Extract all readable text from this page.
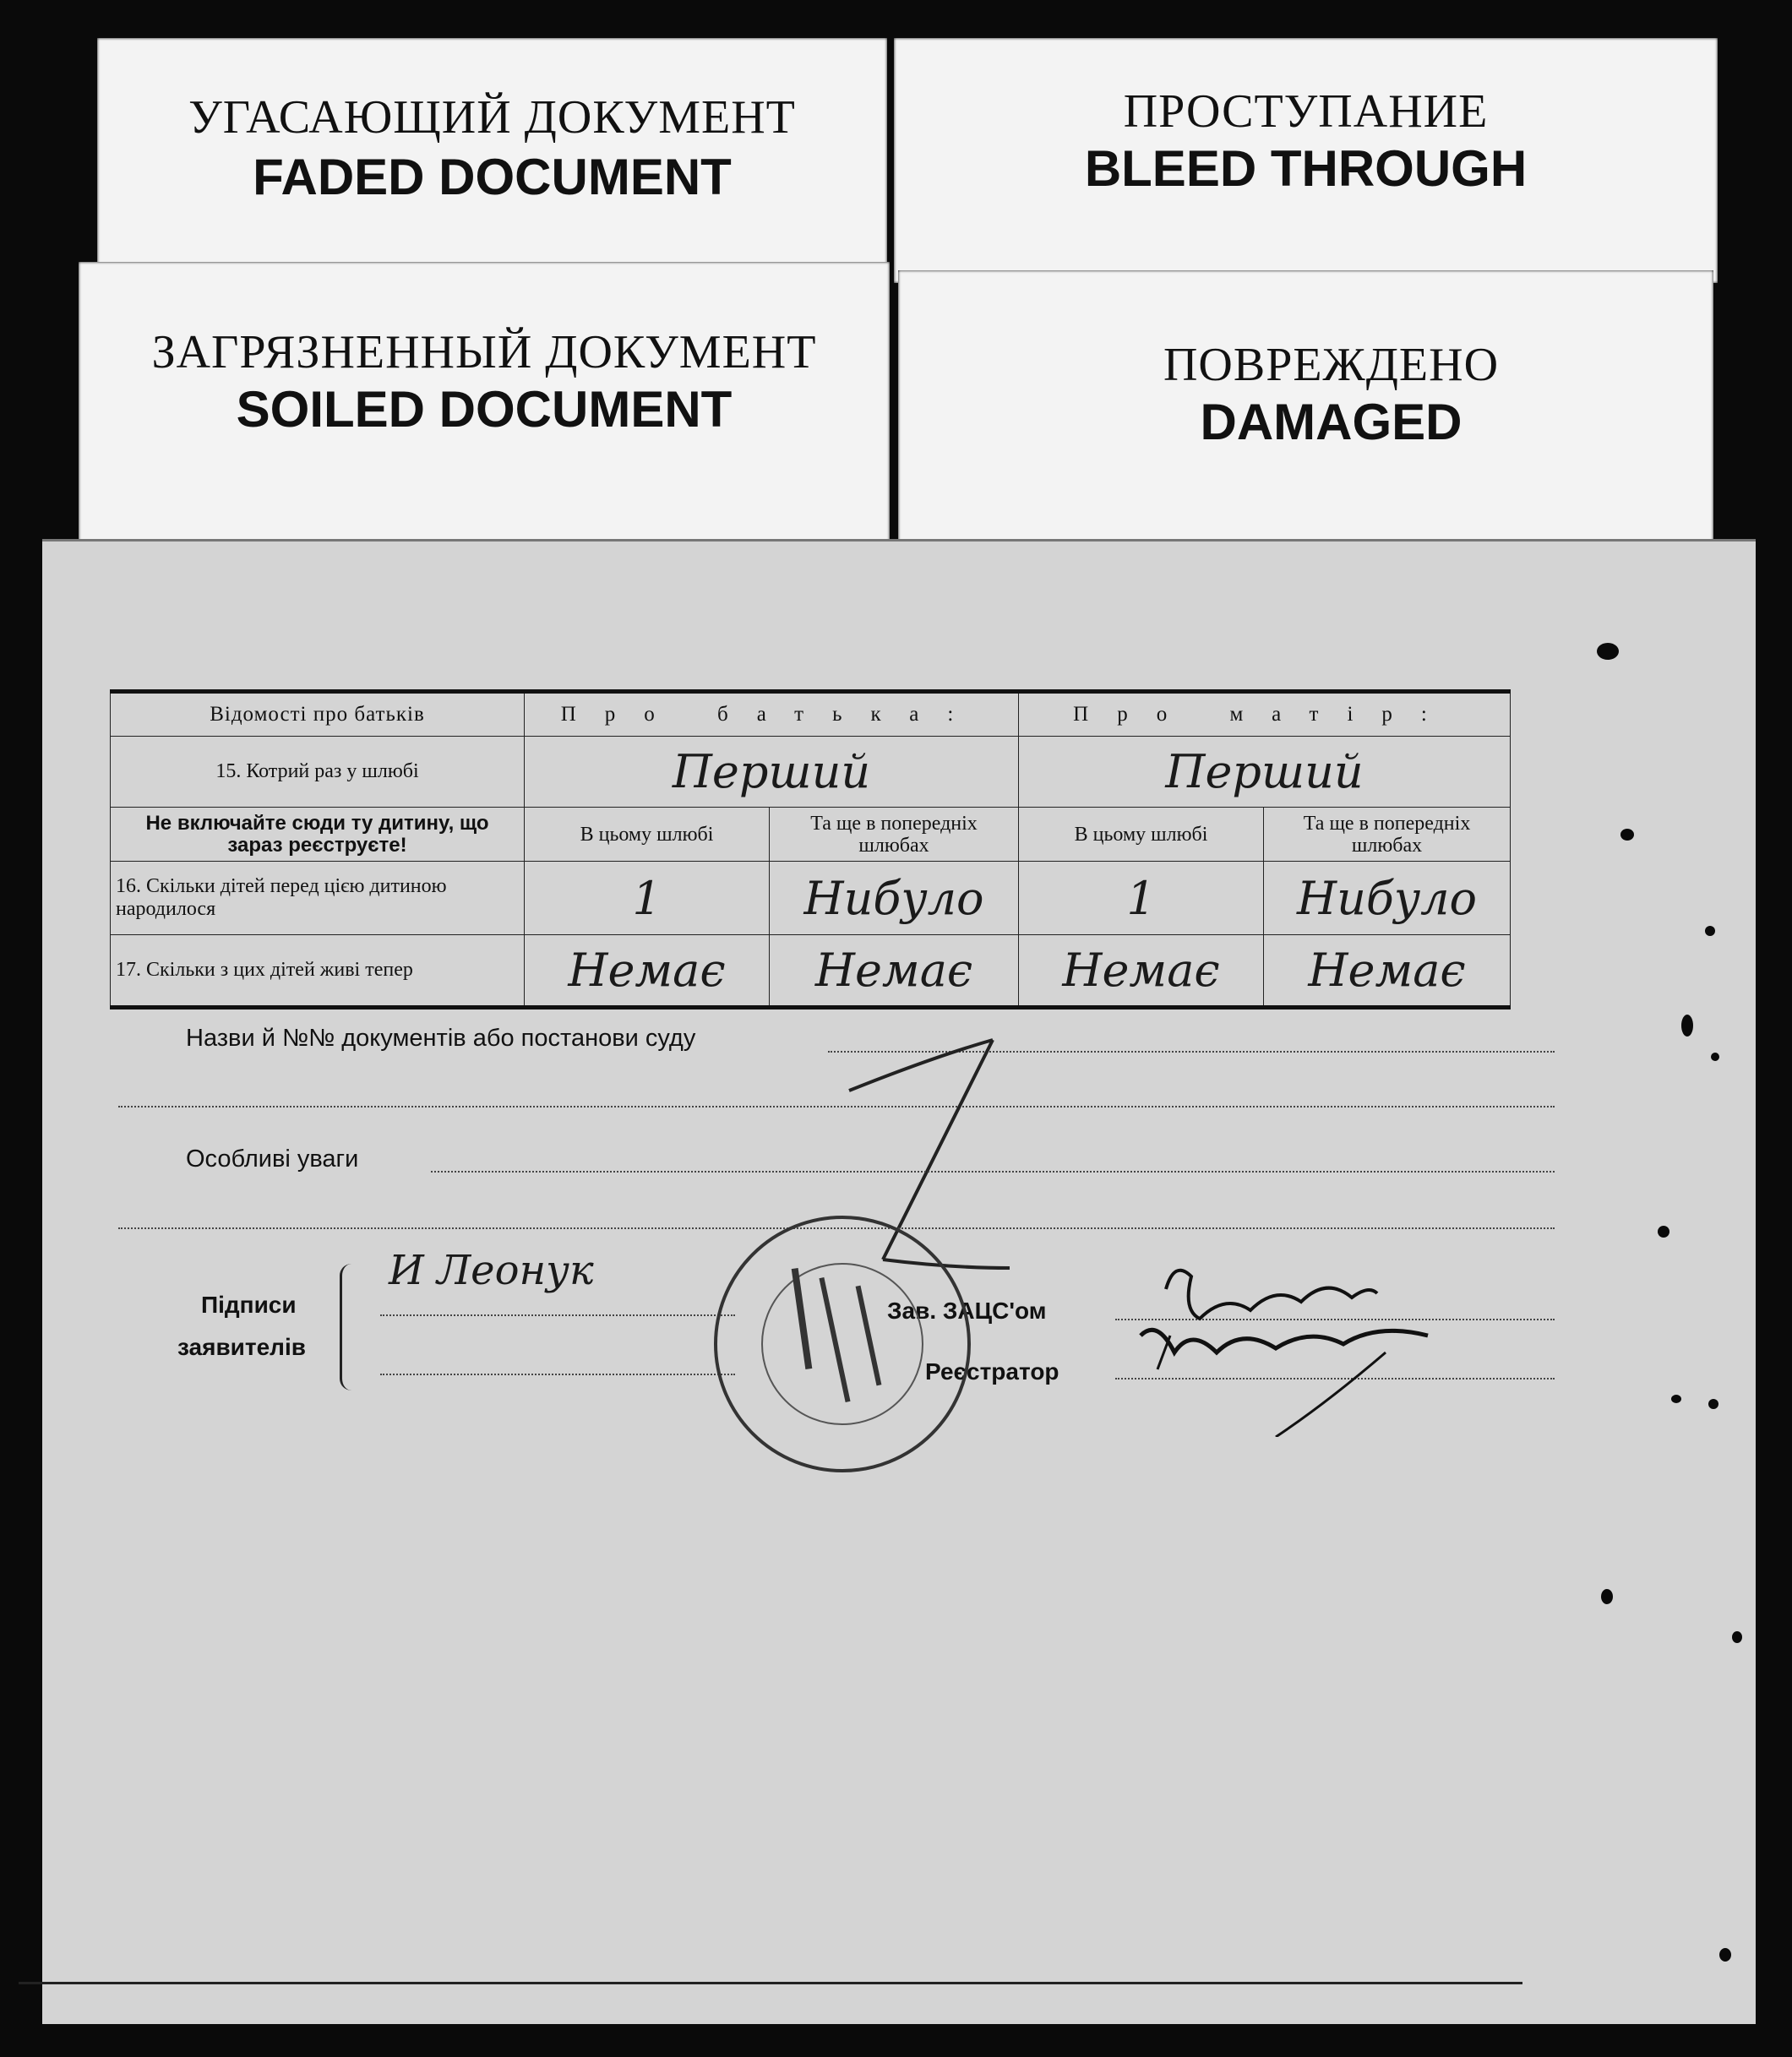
УГАСАЮЩИЙ ДОКУМЕНТ
FADED DOCUMENT
ПРОСТУПАНИЕ
BLEED THROUGH
ЗАГРЯЗНЕННЫЙ ДОКУМЕНТ
SOILED DOCUMENT
ПОВРЕЖДЕНО
DAMAGED
Відомості про батьків	Про батька:		Про матір:	
15. Котрий раз у шлюбі	Перший		Перший	
Не включайте сюди ту дитину, що зараз реєструєте!	В цьому шлюбі	Та ще в попередніх шлюбах	В цьому шлюбі	Та ще в попередніх шлюбах
16. Скільки дітей перед цією дитиною народилося	1	Нибуло	1	Нибуло
17. Скільки з цих дітей живі тепер	Немає	Немає	Немає	Немає
Назви й №№ документів або постанови суду
Особливі уваги
Підписи
заявителів
И Леонук
Зав. ЗАЦС'ом
Реєстратор
